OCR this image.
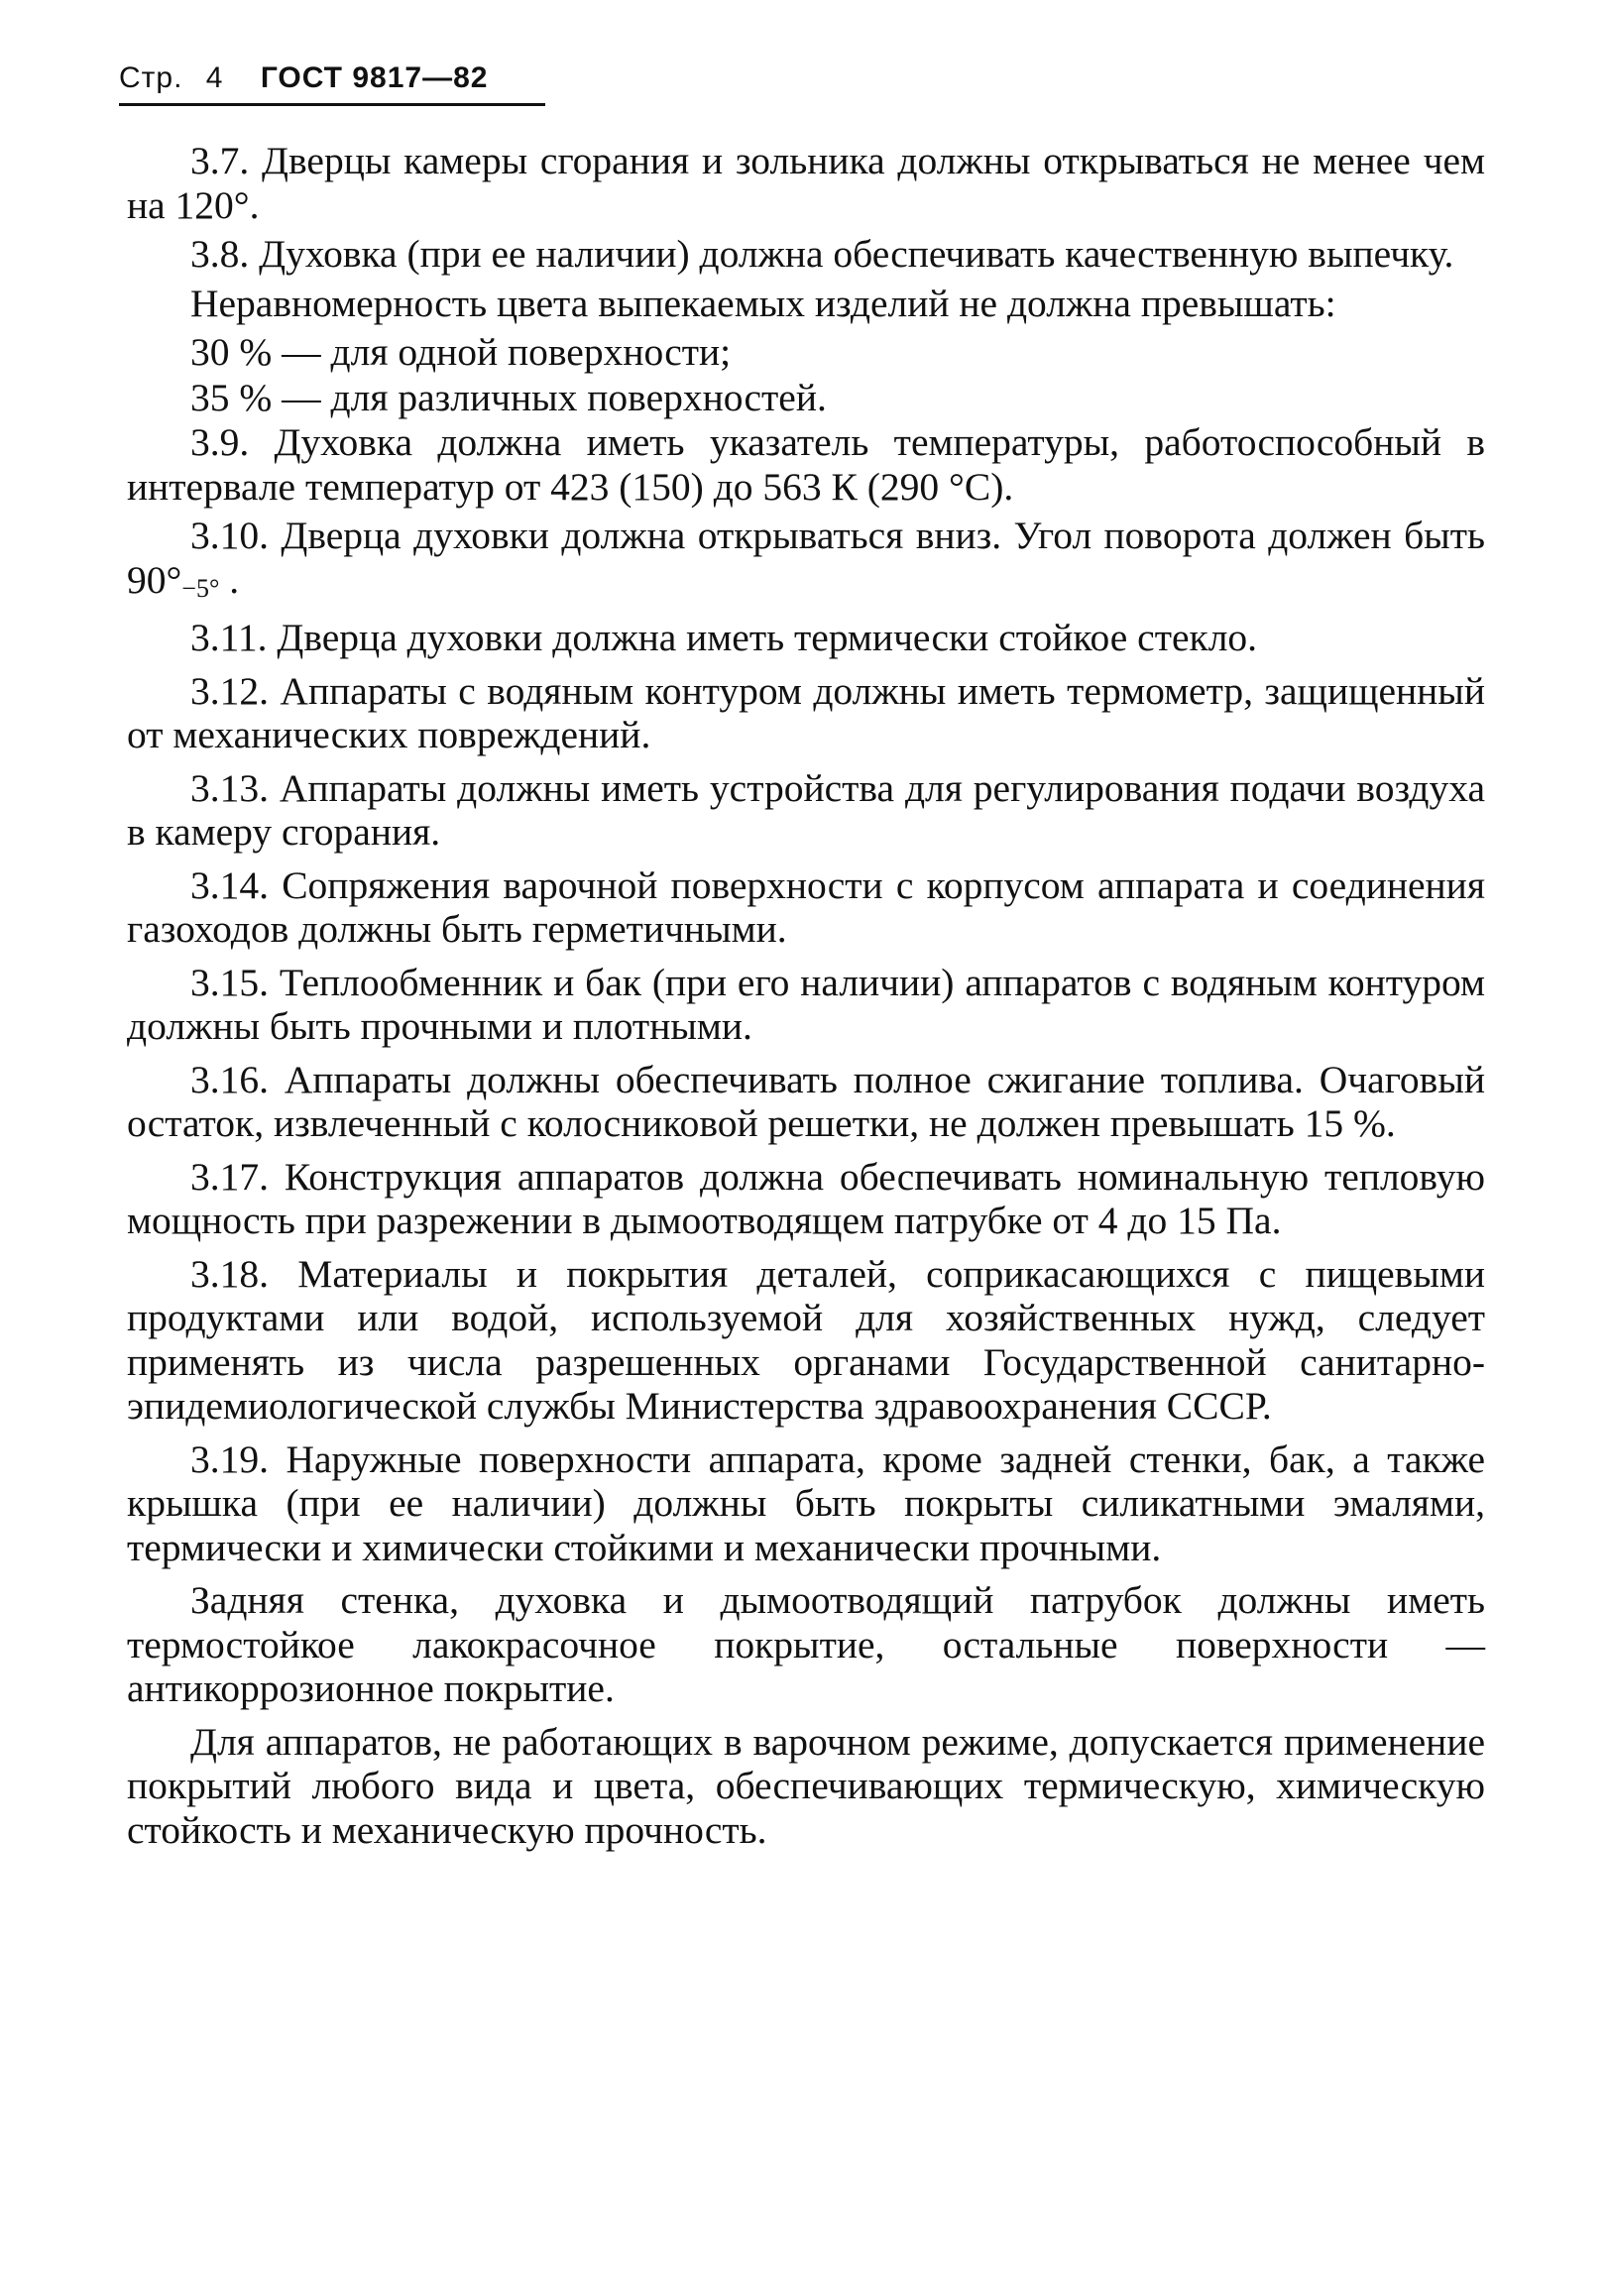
Стр. 4 ГОСТ 9817—82

3.7. Дверцы камеры сгорания и зольника должны открываться не менее чем на 120°.

3.8. Духовка (при ее наличии) должна обеспечивать качественную выпечку.

Неравномерность цвета выпекаемых изделий не должна превышать:

30 % — для одной поверхности;

35 % — для различных поверхностей.

3.9. Духовка должна иметь указатель температуры, работоспособный в интервале температур от 423 (150) до 563 К (290 °С).

3.10. Дверца духовки должна открываться вниз. Угол поворота должен быть $90^\circ_{-5^\circ}$ .

3.11. Дверца духовки должна иметь термически стойкое стекло.

3.12. Аппараты с водяным контуром должны иметь термометр, защищенный от механических повреждений.

3.13. Аппараты должны иметь устройства для регулирования подачи воздуха в камеру сгорания.

3.14. Сопряжения варочной поверхности с корпусом аппарата и соединения газоходов должны быть герметичными.

3.15. Теплообменник и бак (при его наличии) аппаратов с водяным контуром должны быть прочными и плотными.

3.16. Аппараты должны обеспечивать полное сжигание топлива. Очаговый остаток, извлеченный с колосниковой решетки, не должен превышать 15 %.

3.17. Конструкция аппаратов должна обеспечивать номинальную тепловую мощность при разрежении в дымоотводящем патрубке от 4 до 15 Па.

3.18. Материалы и покрытия деталей, соприкасающихся с пищевыми продуктами или водой, используемой для хозяйственных нужд, следует применять из числа разрешенных органами Государственной санитарно-эпидемиологической службы Министерства здравоохранения СССР.

3.19. Наружные поверхности аппарата, кроме задней стенки, бак, а также крышка (при ее наличии) должны быть покрыты силикатными эмалями, термически и химически стойкими и механически прочными.

Задняя стенка, духовка и дымоотводящий патрубок должны иметь термостойкое лакокрасочное покрытие, остальные поверхности — антикоррозионное покрытие.

Для аппаратов, не работающих в варочном режиме, допускается применение покрытий любого вида и цвета, обеспечивающих термическую, химическую стойкость и механическую прочность.
